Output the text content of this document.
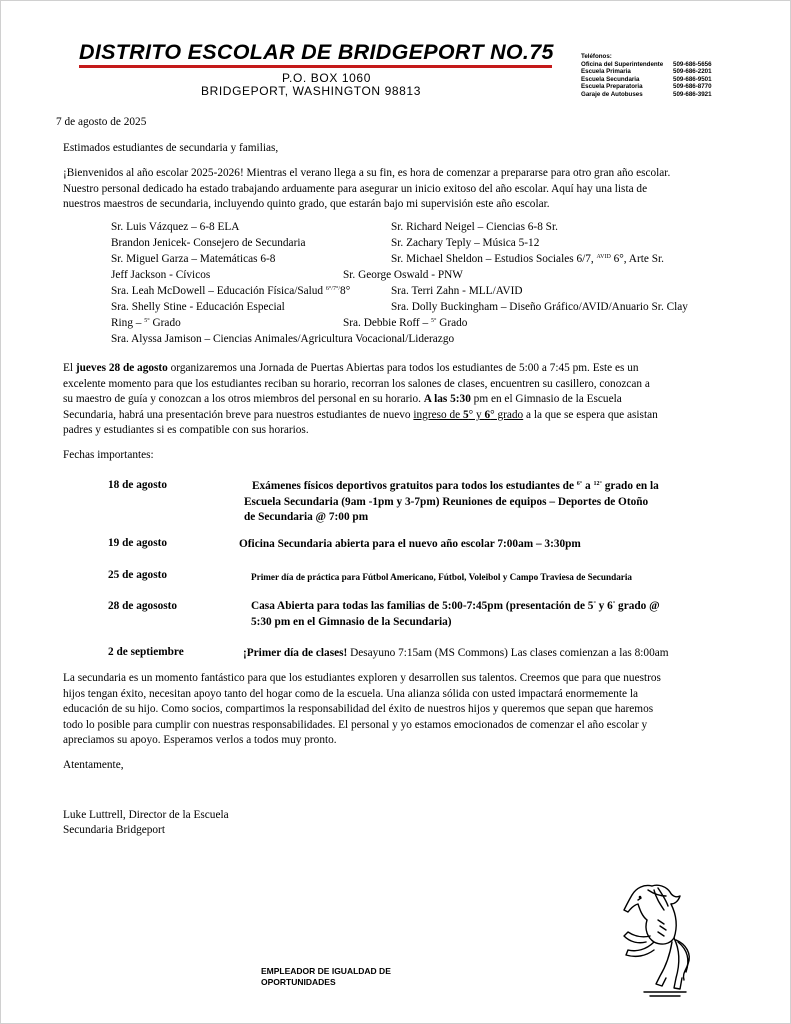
DISTRITO ESCOLAR DE BRIDGEPORT NO.75
P.O. BOX 1060
BRIDGEPORT, WASHINGTON 98813
Teléfonos:
Oficina del Superintendente	509-686-5656
Escuela Primaria	509-686-2201
Escuela Secundaria	509-686-9501
Escuela Preparatoria	509-686-8770
Garaje de Autobuses	509-686-3921
7 de agosto de 2025
Estimados estudiantes de secundaria y familias,
¡Bienvenidos al año escolar 2025-2026! Mientras el verano llega a su fin, es hora de comenzar a prepararse para otro gran año escolar.
Nuestro personal dedicado ha estado trabajando arduamente para asegurar un inicio exitoso del año escolar. Aquí hay una lista de
nuestros maestros de secundaria, incluyendo quinto grado, que estarán bajo mi supervisión este año escolar.
Sr. Luis Vázquez – 6-8 ELA	Sr. Richard Neigel – Ciencias 6-8 Sr.
Brandon Jenicek- Consejero de Secundaria	Sr. Zachary Teply – Música 5-12
Sr. Miguel Garza – Matemáticas 6-8	Sr. Michael Sheldon – Estudios Sociales 6/7, $^{AVID}$ 6°, Arte Sr.
Jeff Jackson - Cívicos	Sr. George Oswald - PNW
Sra. Leah McDowell – Educación Física/Salud $^{6^\circ/7^\circ/}$8°	Sra. Terri Zahn - MLL/AVID
Sra. Shelly Stine - Educación Especial	Sra. Dolly Buckingham – Diseño Gráfico/AVID/Anuario Sr. Clay
Ring – $^{5^\circ}$ Grado	Sra. Debbie Roff – $^{5^\circ}$ Grado
Sra. Alyssa Jamison – Ciencias Animales/Agricultura Vocacional/Liderazgo
El jueves 28 de agosto organizaremos una Jornada de Puertas Abiertas para todos los estudiantes de 5:00 a 7:45 pm. Este es un
excelente momento para que los estudiantes reciban su horario, recorran los salones de clases, encuentren su casillero, conozcan a
su maestro de guía y conozcan a los otros miembros del personal en su horario. A las 5:30 pm en el Gimnasio de la Escuela
Secundaria, habrá una presentación breve para nuestros estudiantes de nuevo ingreso de 5° y 6° grado a la que se espera que asistan
padres y estudiantes si es compatible con sus horarios.
Fechas importantes:
18 de agosto	Exámenes físicos deportivos gratuitos para todos los estudiantes de $^{6^\circ}$ a $^{12^\circ}$ grado en la
Escuela Secundaria (9am -1pm y 3-7pm) Reuniones de equipos – Deportes de Otoño
de Secundaria @ 7:00 pm
19 de agosto	Oficina Secundaria abierta para el nuevo año escolar 7:00am – 3:30pm
25 de agosto	Primer día de práctica para Fútbol Americano, Fútbol, Voleibol y Campo Traviesa de Secundaria
28 de agososto	Casa Abierta para todas las familias de 5:00-7:45pm (presentación de 5° y 6° grado @
5:30 pm en el Gimnasio de la Secundaria)
2 de septiembre	¡Primer día de clases! Desayuno 7:15am (MS Commons) Las clases comienzan a las 8:00am
La secundaria es un momento fantástico para que los estudiantes exploren y desarrollen sus talentos. Creemos que para que nuestros
hijos tengan éxito, necesitan apoyo tanto del hogar como de la escuela. Una alianza sólida con usted impactará enormemente la
educación de su hijo. Como socios, compartimos la responsabilidad del éxito de nuestros hijos y queremos que sepan que haremos
todo lo posible para cumplir con nuestras responsabilidades. El personal y yo estamos emocionados de comenzar el año escolar y
apreciamos su apoyo. Esperamos verlos a todos muy pronto.
Atentamente,
Luke Luttrell, Director de la Escuela
Secundaria Bridgeport
EMPLEADOR DE IGUALDAD DE
OPORTUNIDADES
